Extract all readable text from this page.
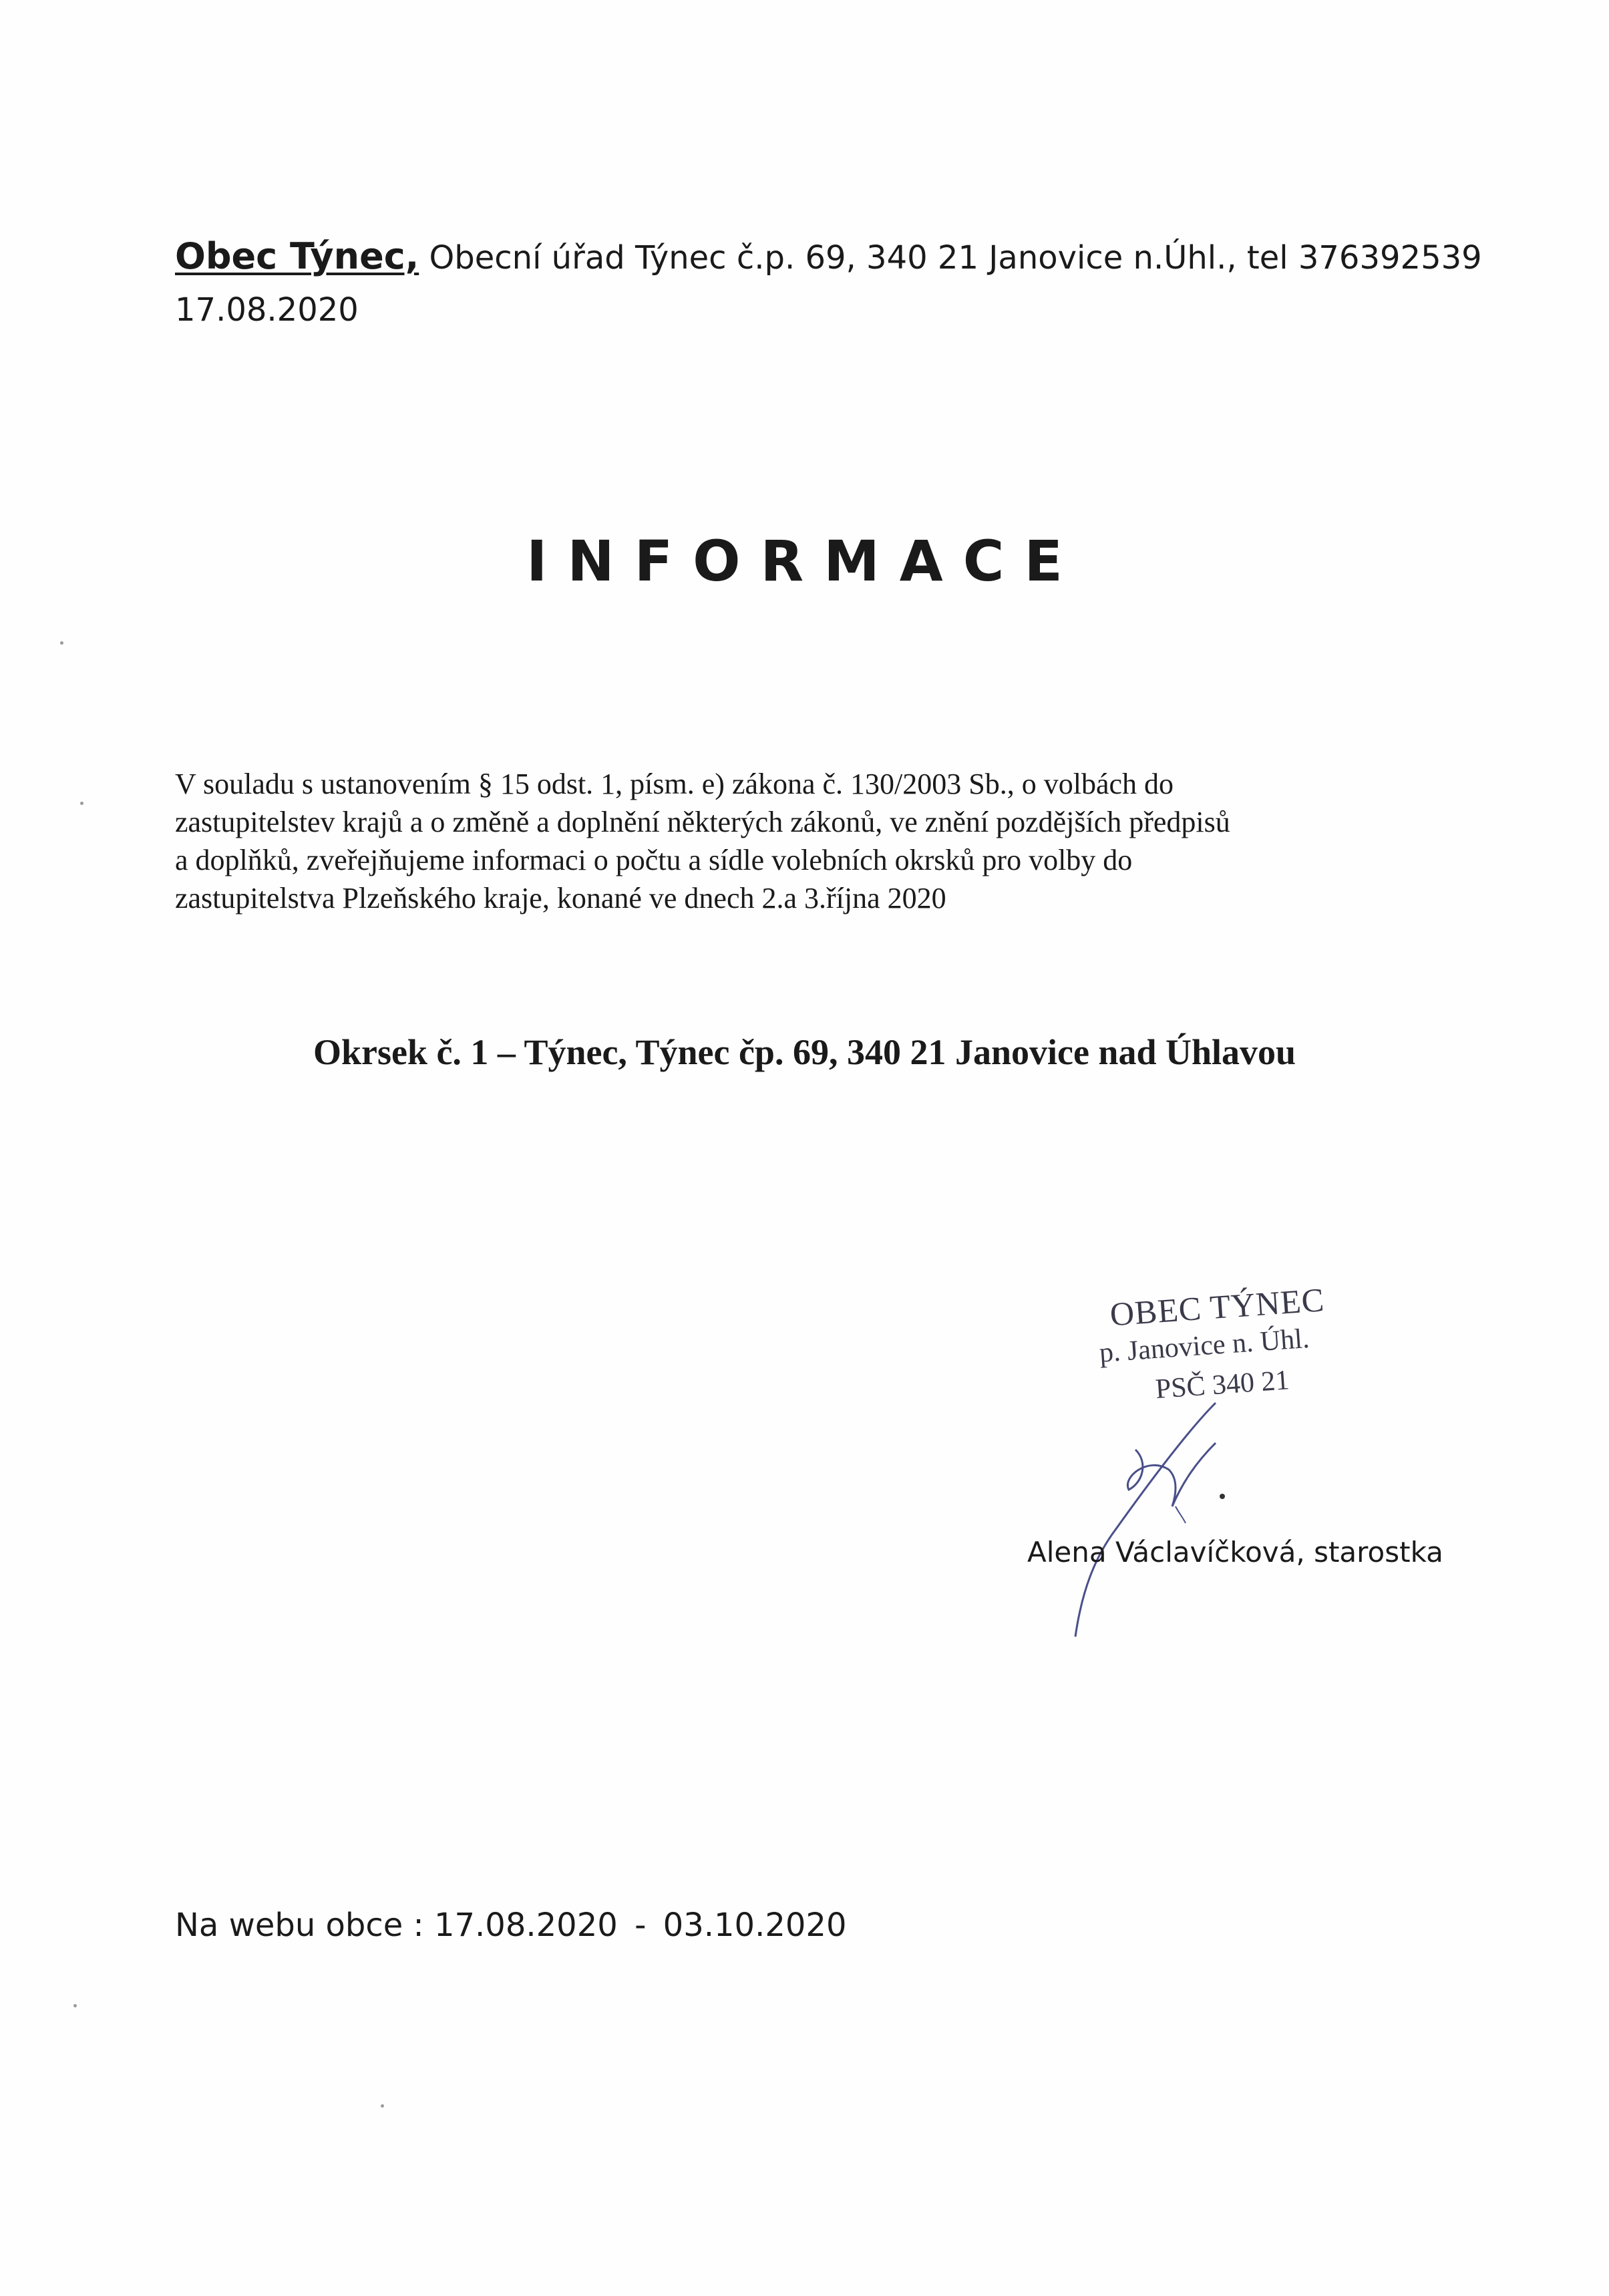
Obec Týnec, Obecní úřad Týnec č.p. 69, 340 21 Janovice n.Úhl., tel 376392539
17.08.2020
INFORMACE

V souladu s ustanovením § 15 odst. 1, písm. e) zákona č. 130/2003 Sb., o volbách do

zastupitelstev krajů a o změně a doplnění některých zákonů, ve znění pozdějších předpisů

a doplňků, zveřejňujeme informaci o počtu a sídle volebních okrsků pro volby do

zastupitelstva Plzeňského kraje, konané ve dnech 2.a 3.října 2020

Okrsek č. 1 – Týnec, Týnec čp. 69, 340 21 Janovice nad Úhlavou
OBEC TÝNEC
p. Janovice n. Úhl.
PSČ 340 21
Alena Václavíčková, starostka
Na webu obce : 17.08.2020 - 03.10.2020
